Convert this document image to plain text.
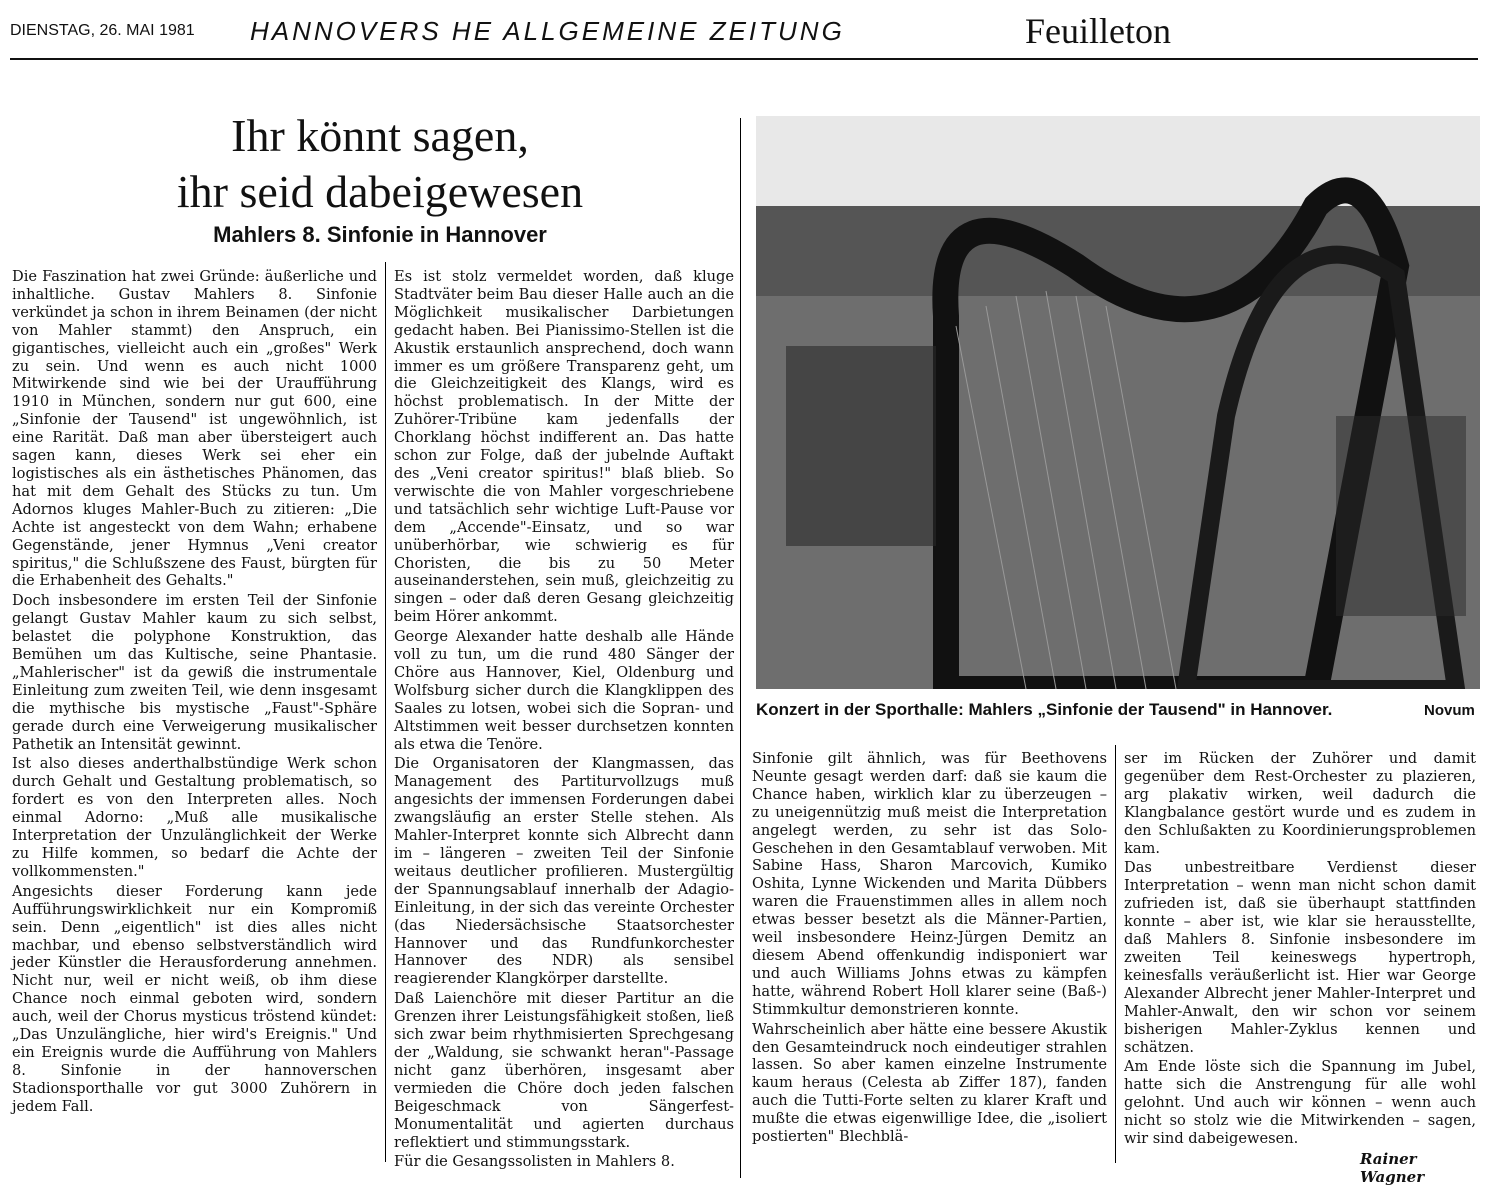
DIENSTAG, 26. MAI 1981 HANNOVERS HE ALLGEMEINE ZEITUNG	Feuilleton
Ihr könnt sagen,
ihr seid dabeigewesen
Mahlers 8. Sinfonie in Hannover

Die Faszination hat zwei Gründe: äußerliche und inhaltliche. Gustav Mahlers 8. Sinfonie verkündet ja schon in ihrem Beinamen (der nicht von Mahler stammt) den Anspruch, ein gigantisches, vielleicht auch ein „großes" Werk zu sein. Und wenn es auch nicht 1000 Mitwirkende sind wie bei der Uraufführung 1910 in München, sondern nur gut 600, eine „Sinfonie der Tausend" ist ungewöhnlich, ist eine Rarität. Daß man aber übersteigert auch sagen kann, dieses Werk sei eher ein logistisches als ein ästhetisches Phänomen, das hat mit dem Gehalt des Stücks zu tun. Um Adornos kluges Mahler-Buch zu zitieren: „Die Achte ist angesteckt von dem Wahn; erhabene Gegenstände, jener Hymnus „Veni creator spiritus," die Schlußszene des Faust, bürgten für die Erhabenheit des Gehalts."

Doch insbesondere im ersten Teil der Sinfonie gelangt Gustav Mahler kaum zu sich selbst, belastet die polyphone Konstruktion, das Bemühen um das Kultische, seine Phantasie. „Mahlerischer" ist da gewiß die instrumentale Einleitung zum zweiten Teil, wie denn insgesamt die mythische bis mystische „Faust"-Sphäre gerade durch eine Verweigerung musikalischer Pathetik an Intensität gewinnt.

Ist also dieses anderthalbstündige Werk schon durch Gehalt und Gestaltung problematisch, so fordert es von den Interpreten alles. Noch einmal Adorno: „Muß alle musikalische Interpretation der Unzulänglichkeit der Werke zu Hilfe kommen, so bedarf die Achte der vollkommensten."

Angesichts dieser Forderung kann jede Aufführungswirklichkeit nur ein Kompromiß sein. Denn „eigentlich" ist dies alles nicht machbar, und ebenso selbstverständlich wird jeder Künstler die Herausforderung annehmen. Nicht nur, weil er nicht weiß, ob ihm diese Chance noch einmal geboten wird, sondern auch, weil der Chorus mysticus tröstend kündet: „Das Unzulängliche, hier wird's Ereignis." Und ein Ereignis wurde die Aufführung von Mahlers 8. Sinfonie in der hannoverschen Stadionsporthalle vor gut 3000 Zuhörern in jedem Fall.

Es ist stolz vermeldet worden, daß kluge Stadtväter beim Bau dieser Halle auch an die Möglichkeit musikalischer Darbietungen gedacht haben. Bei Pianissimo-Stellen ist die Akustik erstaunlich ansprechend, doch wann immer es um größere Transparenz geht, um die Gleichzeitigkeit des Klangs, wird es höchst problematisch. In der Mitte der Zuhörer-Tribüne kam jedenfalls der Chorklang höchst indifferent an. Das hatte schon zur Folge, daß der jubelnde Auftakt des „Veni creator spiritus!" blaß blieb. So verwischte die von Mahler vorgeschriebene und tatsächlich sehr wichtige Luft-Pause vor dem „Accende"-Einsatz, und so war unüberhörbar, wie schwierig es für Choristen, die bis zu 50 Meter auseinanderstehen, sein muß, gleichzeitig zu singen – oder daß deren Gesang gleichzeitig beim Hörer ankommt.

George Alexander hatte deshalb alle Hände voll zu tun, um die rund 480 Sänger der Chöre aus Hannover, Kiel, Oldenburg und Wolfsburg sicher durch die Klangklippen des Saales zu lotsen, wobei sich die Sopran- und Altstimmen weit besser durchsetzen konnten als etwa die Tenöre.

Die Organisatoren der Klangmassen, das Management des Partiturvollzugs muß angesichts der immensen Forderungen dabei zwangsläufig an erster Stelle stehen. Als Mahler-Interpret konnte sich Albrecht dann im – längeren – zweiten Teil der Sinfonie weitaus deutlicher profilieren. Mustergültig der Spannungsablauf innerhalb der Adagio-Einleitung, in der sich das vereinte Orchester (das Niedersächsische Staatsorchester Hannover und das Rundfunkorchester Hannover des NDR) als sensibel reagierender Klangkörper darstellte.

Daß Laienchöre mit dieser Partitur an die Grenzen ihrer Leistungsfähigkeit stoßen, ließ sich zwar beim rhythmisierten Sprechgesang der „Waldung, sie schwankt heran"-Passage nicht ganz überhören, insgesamt aber vermieden die Chöre doch jeden falschen Beigeschmack von Sängerfest-Monumentalität und agierten durchaus reflektiert und stimmungsstark.

Für die Gesangssolisten in Mahlers 8.

Konzert in der Sporthalle: Mahlers „Sinfonie der Tausend" in Hannover.	Novum

Sinfonie gilt ähnlich, was für Beethovens Neunte gesagt werden darf: daß sie kaum die Chance haben, wirklich klar zu überzeugen – zu uneigennützig muß meist die Interpretation angelegt werden, zu sehr ist das Solo-Geschehen in den Gesamtablauf verwoben. Mit Sabine Hass, Sharon Marcovich, Kumiko Oshita, Lynne Wickenden und Marita Dübbers waren die Frauenstimmen alles in allem noch etwas besser besetzt als die Männer-Partien, weil insbesondere Heinz-Jürgen Demitz an diesem Abend offenkundig indisponiert war und auch Williams Johns etwas zu kämpfen hatte, während Robert Holl klarer seine (Baß-) Stimmkultur demonstrieren konnte.

Wahrscheinlich aber hätte eine bessere Akustik den Gesamteindruck noch eindeutiger strahlen lassen. So aber kamen einzelne Instrumente kaum heraus (Celesta ab Ziffer 187), fanden auch die Tutti-Forte selten zu klarer Kraft und mußte die etwas eigenwillige Idee, die „isoliert postierten" Blechblä-

ser im Rücken der Zuhörer und damit gegenüber dem Rest-Orchester zu plazieren, arg plakativ wirken, weil dadurch die Klangbalance gestört wurde und es zudem in den Schlußakten zu Koordinierungsproblemen kam.

Das unbestreitbare Verdienst dieser Interpretation – wenn man nicht schon damit zufrieden ist, daß sie überhaupt stattfinden konnte – aber ist, wie klar sie herausstellte, daß Mahlers 8. Sinfonie insbesondere im zweiten Teil keineswegs hypertroph, keinesfalls veräußerlicht ist. Hier war George Alexander Albrecht jener Mahler-Interpret und Mahler-Anwalt, den wir schon vor seinem bisherigen Mahler-Zyklus kennen und schätzen.

Am Ende löste sich die Spannung im Jubel, hatte sich die Anstrengung für alle wohl gelohnt. Und auch wir können – wenn auch nicht so stolz wie die Mitwirkenden – sagen, wir sind dabeigewesen.

Rainer Wagner
